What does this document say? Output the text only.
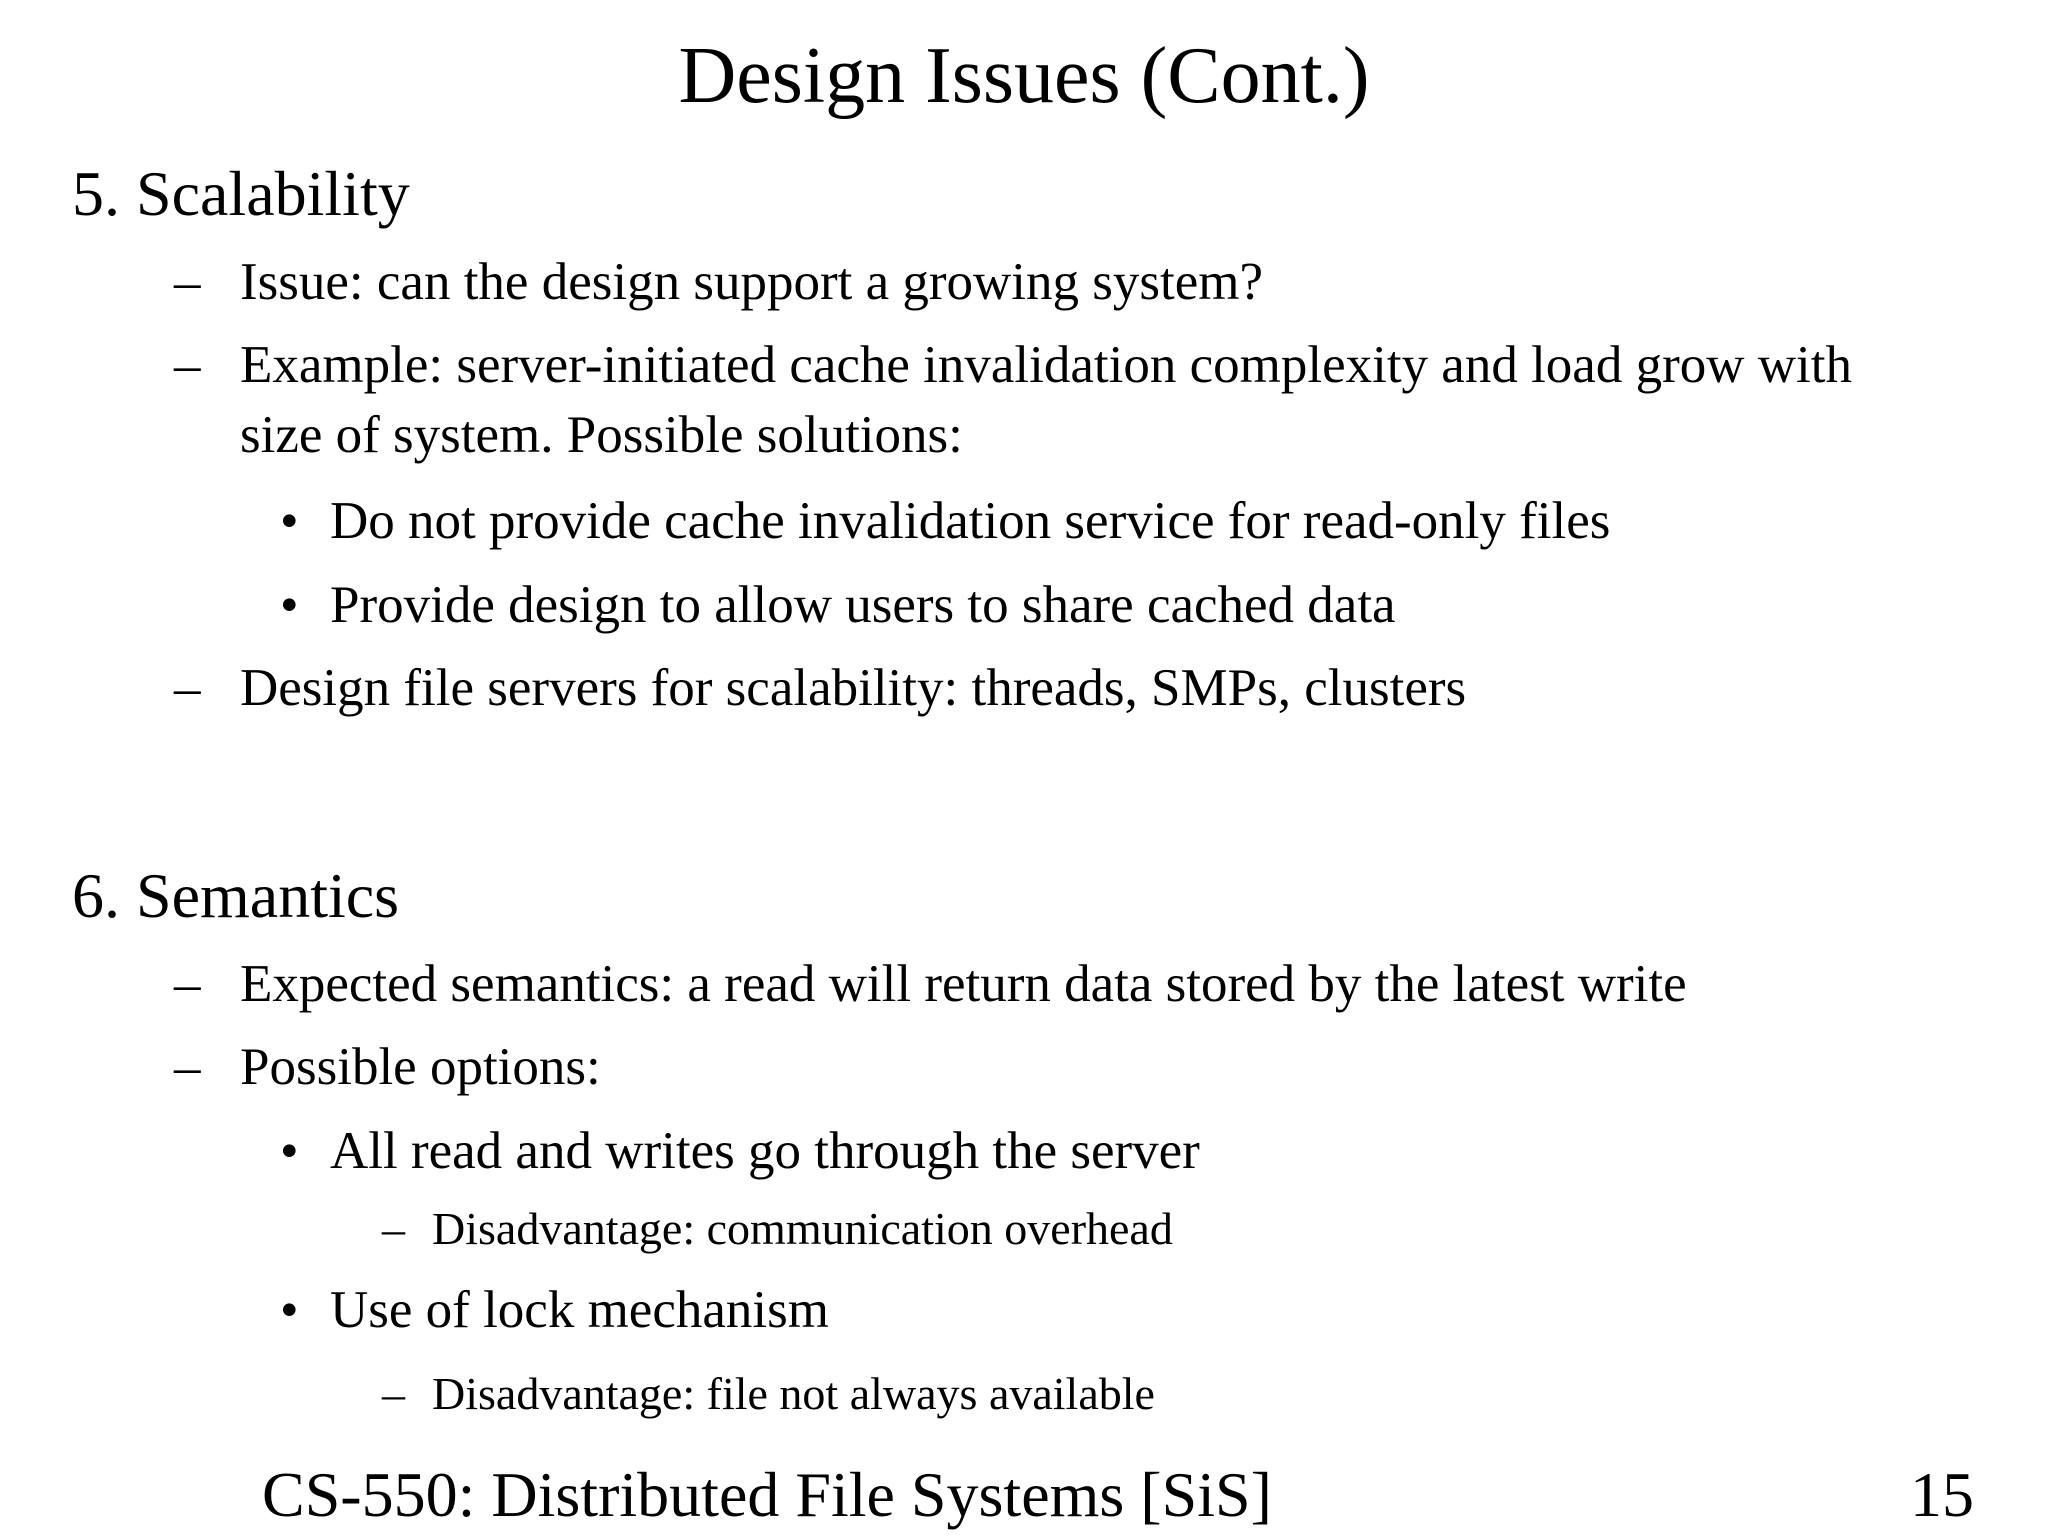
Design Issues (Cont.)
5. Scalability
– Issue: can the design support a growing system?
– Example: server-initiated cache invalidation complexity and load grow with
size of system. Possible solutions:
• Do not provide cache invalidation service for read-only files
• Provide design to allow users to share cached data
– Design file servers for scalability: threads, SMPs, clusters
6. Semantics
– Expected semantics: a read will return data stored by the latest write
– Possible options:
• All read and writes go through the server
– Disadvantage: communication overhead
• Use of lock mechanism
– Disadvantage: file not always available
CS-550: Distributed File Systems [SiS]	15
